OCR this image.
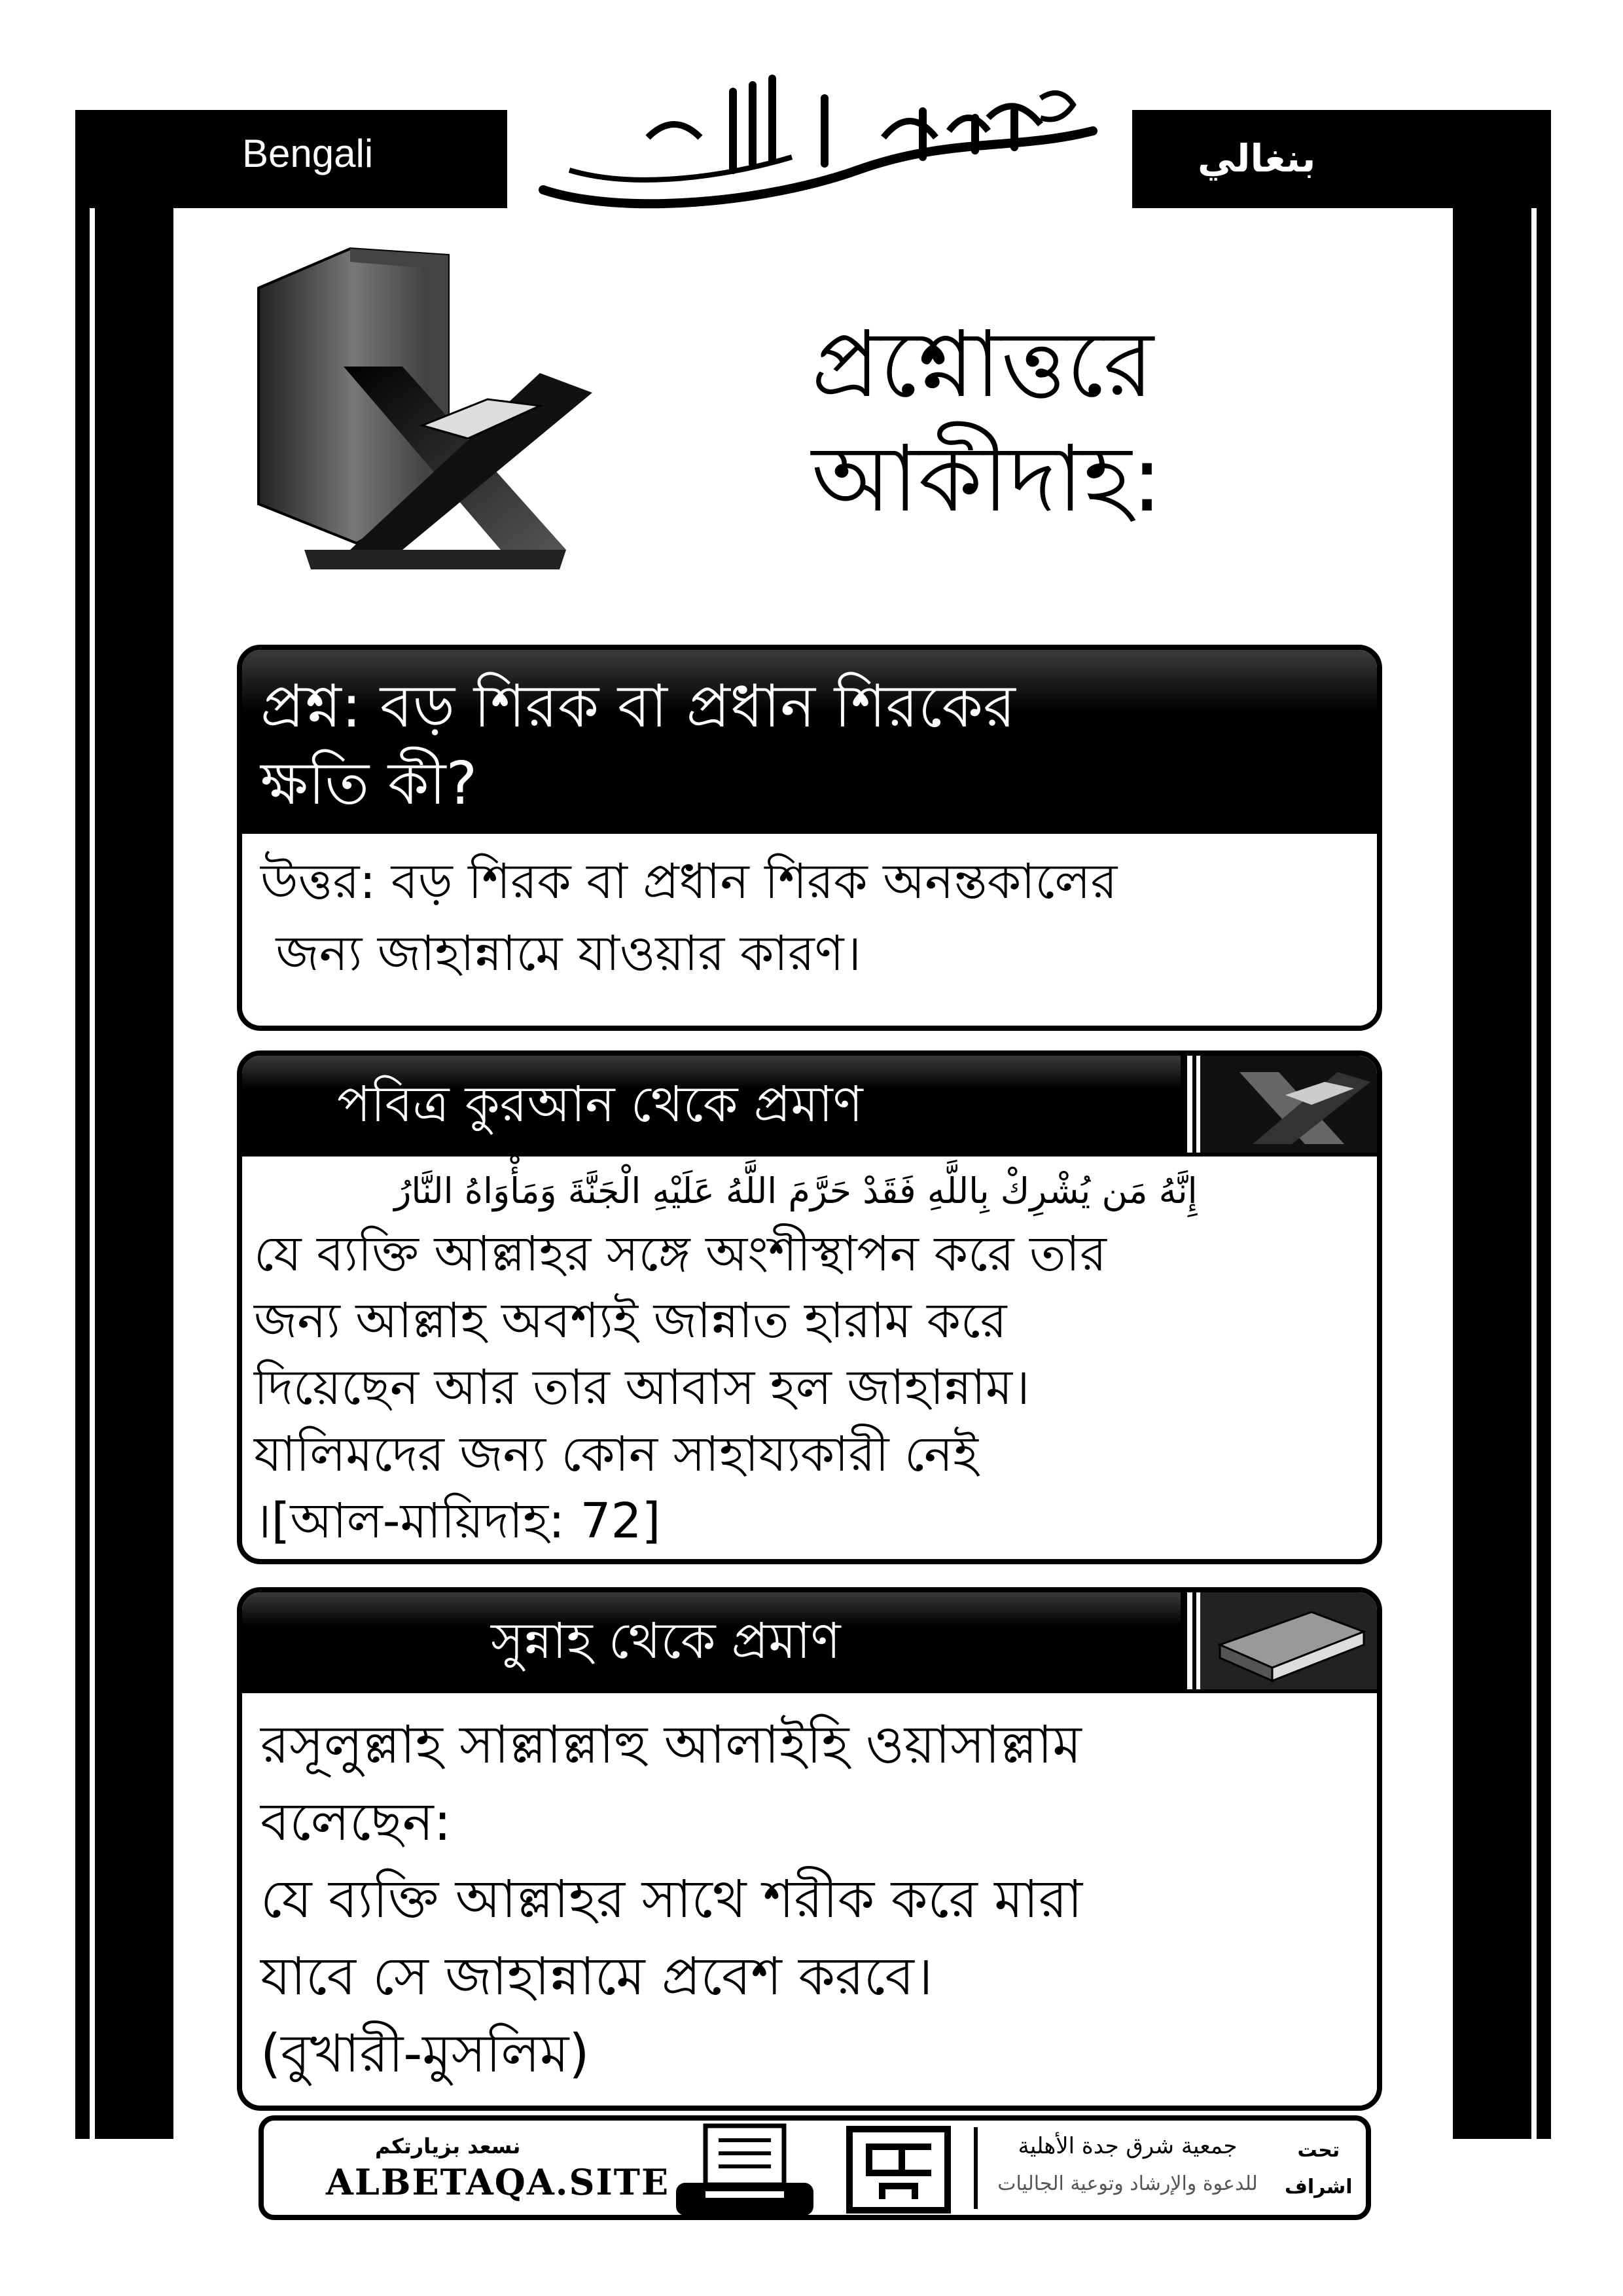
Bengali	بنغالي
প্রশ্নোত্তরে
আকীদাহ:
প্রশ্ন: বড় শিরক বা প্রধান শিরকের
ক্ষতি কী?
উত্তর: বড় শিরক বা প্রধান শিরক অনন্তকালের
জন্য জাহান্নামে যাওয়ার কারণ।
পবিত্র কুরআন থেকে প্রমাণ
إِنَّهُ مَن يُشْرِكْ بِاللَّهِ فَقَدْ حَرَّمَ اللَّهُ عَلَيْهِ الْجَنَّةَ وَمَأْوَاهُ النَّارُ
যে ব্যক্তি আল্লাহর সঙ্গে অংশীস্থাপন করে তার
জন্য আল্লাহ অবশ্যই জান্নাত হারাম করে
দিয়েছেন আর তার আবাস হল জাহান্নাম।
যালিমদের জন্য কোন সাহায্যকারী নেই
।[আল-মায়িদাহ: 72]
সুন্নাহ থেকে প্রমাণ
রসূলুল্লাহ সাল্লাল্লাহু আলাইহি ওয়াসাল্লাম
বলেছেন:
যে ব্যক্তি আল্লাহর সাথে শরীক করে মারা
যাবে সে জাহান্নামে প্রবেশ করবে।
(বুখারী-মুসলিম)
نسعد بزيارتكم
ALBETAQA.SITE
جمعية شرق جدة الأهلية
للدعوة والإرشاد وتوعية الجاليات
تحت
اشراف
